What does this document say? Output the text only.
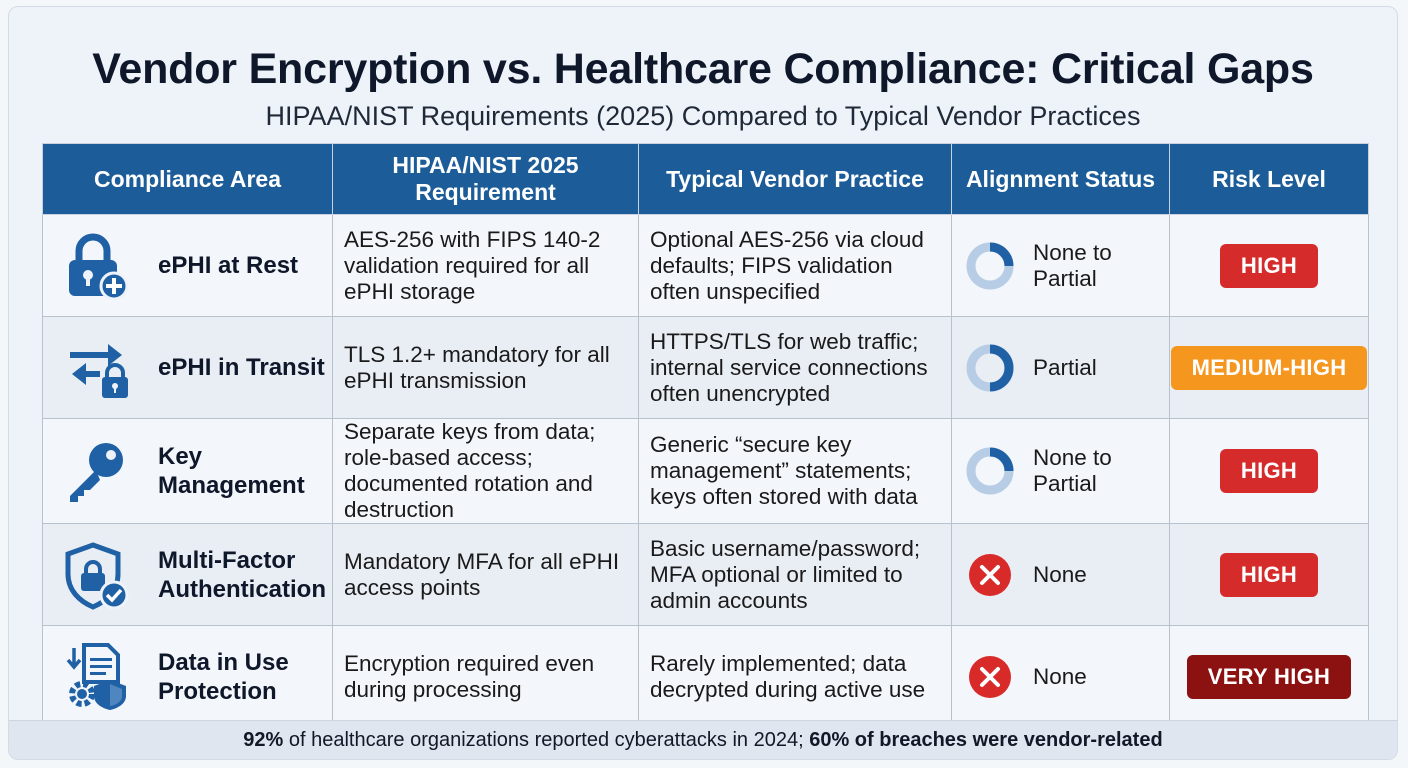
Vendor Encryption vs. Healthcare Compliance: Critical Gaps
HIPAA/NIST Requirements (2025) Compared to Typical Vendor Practices
Compliance Area	HIPAA/NIST 2025 Requirement	Typical Vendor Practice	Alignment Status	Risk Level

ePHI at Rest	AES-256 with FIPS 140-2 validation required for all ePHI storage	Optional AES-256 via cloud defaults; FIPS validation often unspecified	None to Partial	HIGH

ePHI in Transit	TLS 1.2+ mandatory for all ePHI transmission	HTTPS/TLS for web traffic; internal service connections often unencrypted	Partial	MEDIUM-HIGH

Key Management	Separate keys from data; role-based access; documented rotation and destruction	Generic “secure key management” statements; keys often stored with data	None to Partial	HIGH

Multi-Factor Authentication	Mandatory MFA for all ePHI access points	Basic username/password; MFA optional or limited to admin accounts	None	HIGH

Data in Use Protection	Encryption required even during processing	Rarely implemented; data decrypted during active use	None	VERY HIGH
92% of healthcare organizations reported cyberattacks in 2024; 60% of breaches were vendor-related
